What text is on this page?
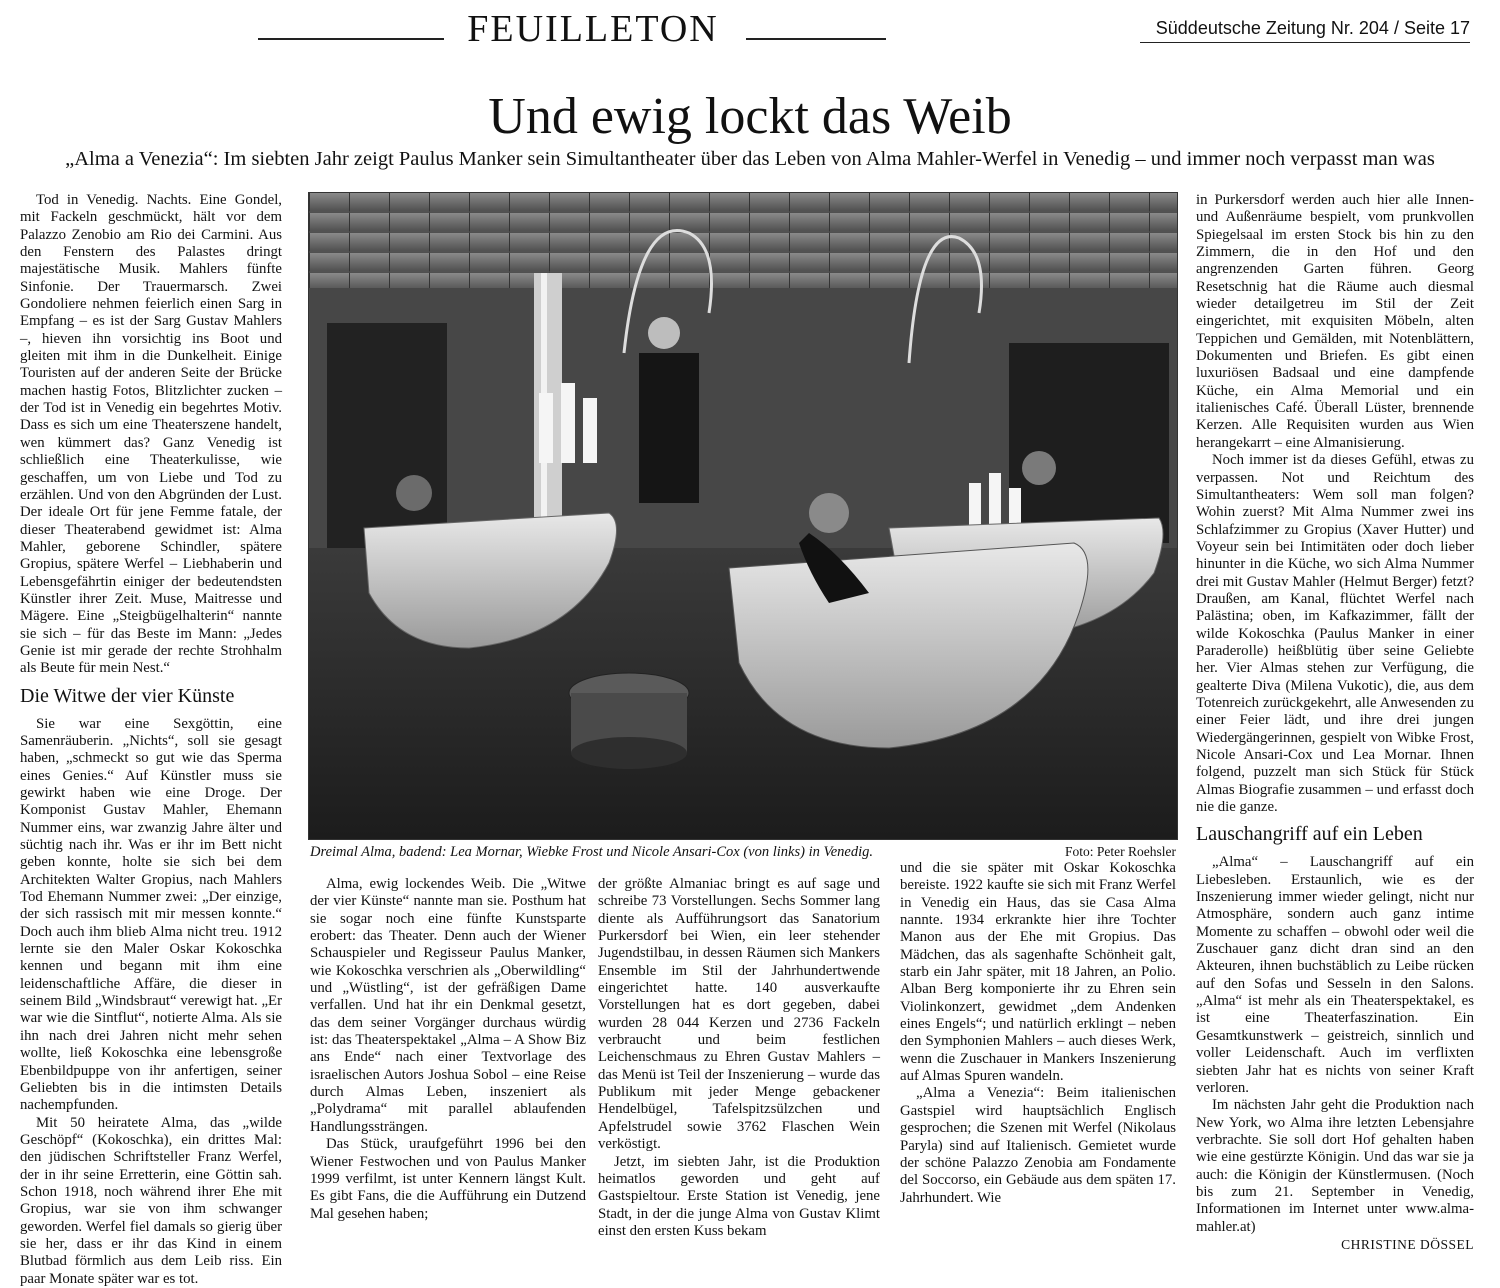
FEUILLETON	Süddeutsche Zeitung Nr. 204 / Seite 17
Und ewig lockt das Weib
„Alma a Venezia“: Im siebten Jahr zeigt Paulus Manker sein Simultantheater über das Leben von Alma Mahler-Werfel in Venedig – und immer noch verpasst man was

Tod in Venedig. Nachts. Eine Gondel, mit Fackeln geschmückt, hält vor dem Palazzo Zenobio am Rio dei Carmini. Aus den Fenstern des Palastes dringt majestätische Musik. Mahlers fünfte Sinfonie. Der Trauermarsch. Zwei Gondoliere nehmen feierlich einen Sarg in Empfang – es ist der Sarg Gustav Mahlers –, hieven ihn vorsichtig ins Boot und gleiten mit ihm in die Dunkelheit. Einige Touristen auf der anderen Seite der Brücke machen hastig Fotos, Blitzlichter zucken – der Tod ist in Venedig ein begehrtes Motiv. Dass es sich um eine Theaterszene handelt, wen kümmert das? Ganz Venedig ist schließlich eine Theaterkulisse, wie geschaffen, um von Liebe und Tod zu erzählen. Und von den Abgründen der Lust. Der ideale Ort für jene Femme fatale, der dieser Theaterabend gewidmet ist: Alma Mahler, geborene Schindler, spätere Gropius, spätere Werfel – Liebhaberin und Lebensgefährtin einiger der bedeutendsten Künstler ihrer Zeit. Muse, Maitresse und Mägere. Eine „Steigbügelhalterin“ nannte sie sich – für das Beste im Mann: „Jedes Genie ist mir gerade der rechte Strohhalm als Beute für mein Nest.“

Die Witwe der vier Künste

Sie war eine Sexgöttin, eine Samenräuberin. „Nichts“, soll sie gesagt haben, „schmeckt so gut wie das Sperma eines Genies.“ Auf Künstler muss sie gewirkt haben wie eine Droge. Der Komponist Gustav Mahler, Ehemann Nummer eins, war zwanzig Jahre älter und süchtig nach ihr. Was er ihr im Bett nicht geben konnte, holte sie sich bei dem Architekten Walter Gropius, nach Mahlers Tod Ehemann Nummer zwei: „Der einzige, der sich rassisch mit mir messen konnte.“ Doch auch ihm blieb Alma nicht treu. 1912 lernte sie den Maler Oskar Kokoschka kennen und begann mit ihm eine leidenschaftliche Affäre, die dieser in seinem Bild „Windsbraut“ verewigt hat. „Er war wie die Sintflut“, notierte Alma. Als sie ihn nach drei Jahren nicht mehr sehen wollte, ließ Kokoschka eine lebensgroße Ebenbildpuppe von ihr anfertigen, seiner Geliebten bis in die intimsten Details nachempfunden.

Mit 50 heiratete Alma, das „wilde Geschöpf“ (Kokoschka), ein drittes Mal: den jüdischen Schriftsteller Franz Werfel, der in ihr seine Erretterin, eine Göttin sah. Schon 1918, noch während ihrer Ehe mit Gropius, war sie von ihm schwanger geworden. Werfel fiel damals so gierig über sie her, dass er ihr das Kind in einem Blutbad förmlich aus dem Leib riss. Ein paar Monate später war es tot.

Dreimal Alma, badend: Lea Mornar, Wiebke Frost und Nicole Ansari-Cox (von links) in Venedig.	Foto: Peter Roehsler

Alma, ewig lockendes Weib. Die „Witwe der vier Künste“ nannte man sie. Posthum hat sie sogar noch eine fünfte Kunstsparte erobert: das Theater. Denn auch der Wiener Schauspieler und Regisseur Paulus Manker, wie Kokoschka verschrien als „Oberwildling“ und „Wüstling“, ist der gefräßigen Dame verfallen. Und hat ihr ein Denkmal gesetzt, das dem seiner Vorgänger durchaus würdig ist: das Theaterspektakel „Alma – A Show Biz ans Ende“ nach einer Textvorlage des israelischen Autors Joshua Sobol – eine Reise durch Almas Leben, inszeniert als „Polydrama“ mit parallel ablaufenden Handlungssträngen.

Das Stück, uraufgeführt 1996 bei den Wiener Festwochen und von Paulus Manker 1999 verfilmt, ist unter Kennern längst Kult. Es gibt Fans, die die Aufführung ein Dutzend Mal gesehen haben;

der größte Almaniac bringt es auf sage und schreibe 73 Vorstellungen. Sechs Sommer lang diente als Aufführungsort das Sanatorium Purkersdorf bei Wien, ein leer stehender Jugendstilbau, in dessen Räumen sich Mankers Ensemble im Stil der Jahrhundertwende eingerichtet hatte. 140 ausverkaufte Vorstellungen hat es dort gegeben, dabei wurden 28 044 Kerzen und 2736 Fackeln verbraucht und beim festlichen Leichenschmaus zu Ehren Gustav Mahlers – das Menü ist Teil der Inszenierung – wurde das Publikum mit jeder Menge gebackener Hendelbügel, Tafelspitzsülzchen und Apfelstrudel sowie 3762 Flaschen Wein verköstigt.

Jetzt, im siebten Jahr, ist die Produktion heimatlos geworden und geht auf Gastspieltour. Erste Station ist Venedig, jene Stadt, in der die junge Alma von Gustav Klimt einst den ersten Kuss bekam

und die sie später mit Oskar Kokoschka bereiste. 1922 kaufte sie sich mit Franz Werfel in Venedig ein Haus, das sie Casa Alma nannte. 1934 erkrankte hier ihre Tochter Manon aus der Ehe mit Gropius. Das Mädchen, das als sagenhafte Schönheit galt, starb ein Jahr später, mit 18 Jahren, an Polio. Alban Berg komponierte ihr zu Ehren sein Violinkonzert, gewidmet „dem Andenken eines Engels“; und natürlich erklingt – neben den Symphonien Mahlers – auch dieses Werk, wenn die Zuschauer in Mankers Inszenierung auf Almas Spuren wandeln.

„Alma a Venezia“: Beim italienischen Gastspiel wird hauptsächlich Englisch gesprochen; die Szenen mit Werfel (Nikolaus Paryla) sind auf Italienisch. Gemietet wurde der schöne Palazzo Zenobia am Fondamente del Soccorso, ein Gebäude aus dem späten 17. Jahrhundert. Wie

in Purkersdorf werden auch hier alle Innen- und Außenräume bespielt, vom prunkvollen Spiegelsaal im ersten Stock bis hin zu den Zimmern, die in den Hof und den angrenzenden Garten führen. Georg Resetschnig hat die Räume auch diesmal wieder detailgetreu im Stil der Zeit eingerichtet, mit exquisiten Möbeln, alten Teppichen und Gemälden, mit Notenblättern, Dokumenten und Briefen. Es gibt einen luxuriösen Badsaal und eine dampfende Küche, ein Alma Memorial und ein italienisches Café. Überall Lüster, brennende Kerzen. Alle Requisiten wurden aus Wien herangekarrt – eine Almanisierung.

Noch immer ist da dieses Gefühl, etwas zu verpassen. Not und Reichtum des Simultantheaters: Wem soll man folgen? Wohin zuerst? Mit Alma Nummer zwei ins Schlafzimmer zu Gropius (Xaver Hutter) und Voyeur sein bei Intimitäten oder doch lieber hinunter in die Küche, wo sich Alma Nummer drei mit Gustav Mahler (Helmut Berger) fetzt? Draußen, am Kanal, flüchtet Werfel nach Palästina; oben, im Kafkazimmer, fällt der wilde Kokoschka (Paulus Manker in einer Paraderolle) heißblütig über seine Geliebte her. Vier Almas stehen zur Verfügung, die gealterte Diva (Milena Vukotic), die, aus dem Totenreich zurückgekehrt, alle Anwesenden zu einer Feier lädt, und ihre drei jungen Wiedergängerinnen, gespielt von Wibke Frost, Nicole Ansari-Cox und Lea Mornar. Ihnen folgend, puzzelt man sich Stück für Stück Almas Biografie zusammen – und erfasst doch nie die ganze.

Lauschangriff auf ein Leben

„Alma“ – Lauschangriff auf ein Liebesleben. Erstaunlich, wie es der Inszenierung immer wieder gelingt, nicht nur Atmosphäre, sondern auch ganz intime Momente zu schaffen – obwohl oder weil die Zuschauer ganz dicht dran sind an den Akteuren, ihnen buchstäblich zu Leibe rücken auf den Sofas und Sesseln in den Salons. „Alma“ ist mehr als ein Theaterspektakel, es ist eine Theaterfaszination. Ein Gesamtkunstwerk – geistreich, sinnlich und voller Leidenschaft. Auch im verflixten siebten Jahr hat es nichts von seiner Kraft verloren.

Im nächsten Jahr geht die Produktion nach New York, wo Alma ihre letzten Lebensjahre verbrachte. Sie soll dort Hof gehalten haben wie eine gestürzte Königin. Und das war sie ja auch: die Königin der Künstlermusen. (Noch bis zum 21. September in Venedig, Informationen im Internet unter www.alma-mahler.at)

CHRISTINE DÖSSEL
